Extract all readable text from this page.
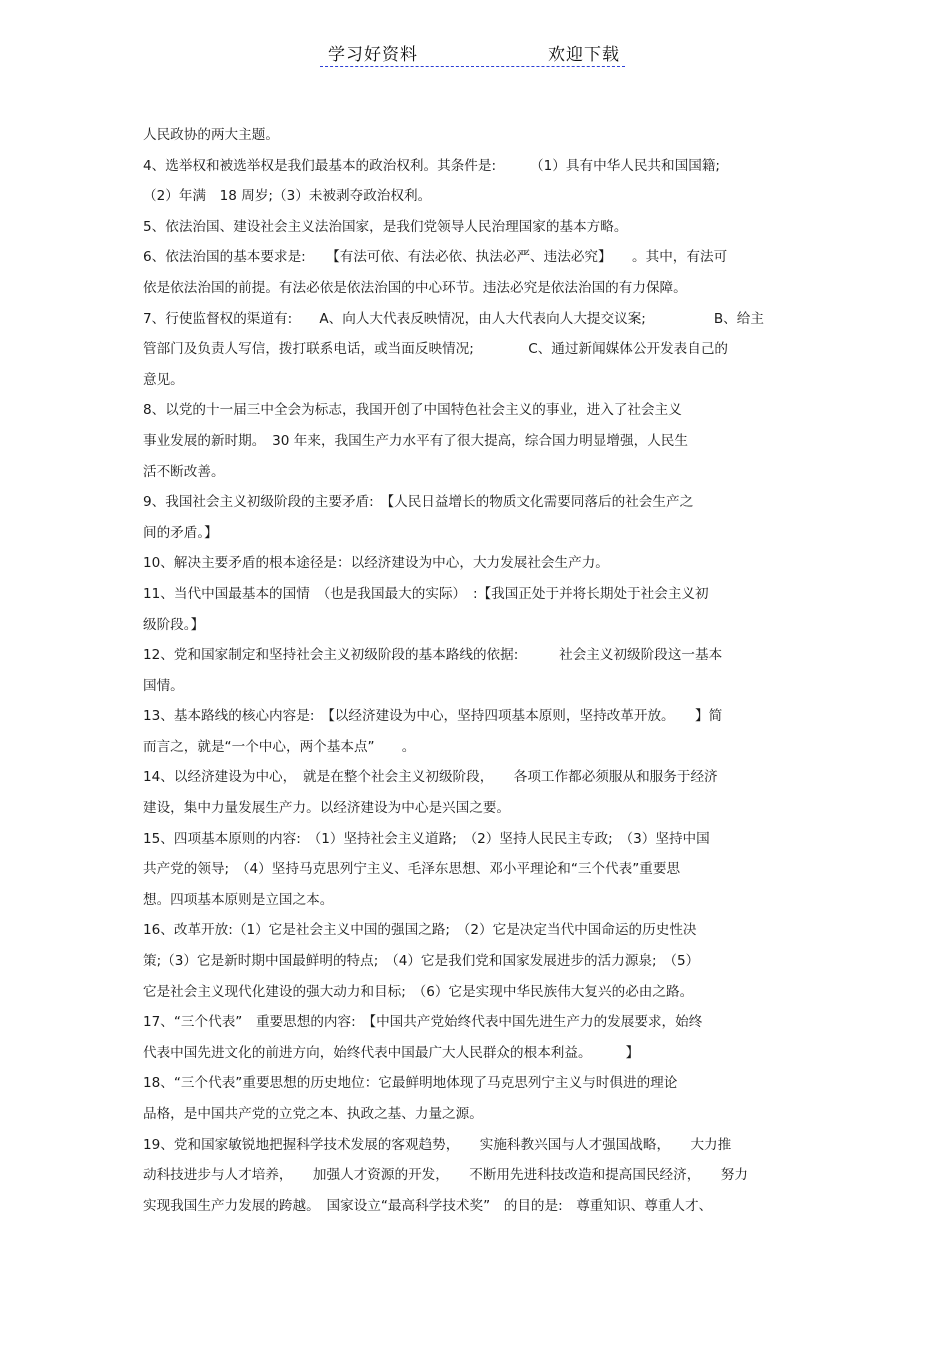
学习好资料	欢迎下载
人民政协的两大主题。
4、选举权和被选举权是我们最基本的政治权利。其条件是:　　　（1）具有中华人民共和国国籍;
（2）年满　18 周岁;（3）未被剥夺政治权利。
5、依法治国、建设社会主义法治国家，是我们党领导人民治理国家的基本方略。
6、依法治国的基本要求是:　　【有法可依、有法必依、执法必严、违法必究】　　。其中，有法可
依是依法治国的前提。有法必依是依法治国的中心环节。违法必究是依法治国的有力保障。
7、行使监督权的渠道有:　　A、向人大代表反映情况，由人大代表向人大提交议案;　　　　　B、给主
管部门及负责人写信，拨打联系电话，或当面反映情况;　　　　C、通过新闻媒体公开发表自己的
意见。
8、以党的十一届三中全会为标志，我国开创了中国特色社会主义的事业，进入了社会主义
事业发展的新时期。　30 年来，我国生产力水平有了很大提高，综合国力明显增强，人民生
活不断改善。
9、我国社会主义初级阶段的主要矛盾:　【人民日益增长的物质文化需要同落后的社会生产之
间的矛盾。】
10、解决主要矛盾的根本途径是：以经济建设为中心，大力发展社会生产力。
11、当代中国最基本的国情　（也是我国最大的实际）　:【我国正处于并将长期处于社会主义初
级阶段。】
12、党和国家制定和坚持社会主义初级阶段的基本路线的依据:　　　社会主义初级阶段这一基本
国情。
13、基本路线的核心内容是:　【以经济建设为中心，坚持四项基本原则，坚持改革开放。　　】简
而言之，就是“一个中心，两个基本点”　　。
14、以经济建设为中心，　就是在整个社会主义初级阶段，　　各项工作都必须服从和服务于经济
建设，集中力量发展生产力。以经济建设为中心是兴国之要。
15、四项基本原则的内容:　（1）坚持社会主义道路;　（2）坚持人民民主专政;　（3）坚持中国
共产党的领导;　（4）坚持马克思列宁主义、毛泽东思想、邓小平理论和“三个代表”重要思
想。四项基本原则是立国之本。
16、改革开放:（1）它是社会主义中国的强国之路;　（2）它是决定当代中国命运的历史性决
策;（3）它是新时期中国最鲜明的特点;　（4）它是我们党和国家发展进步的活力源泉;　（5）
它是社会主义现代化建设的强大动力和目标;　（6）它是实现中华民族伟大复兴的必由之路。
17、“三个代表”　重要思想的内容:　【中国共产党始终代表中国先进生产力的发展要求，始终
代表中国先进文化的前进方向，始终代表中国最广大人民群众的根本利益。　　　】
18、“三个代表”重要思想的历史地位：它最鲜明地体现了马克思列宁主义与时俱进的理论
品格，是中国共产党的立党之本、执政之基、力量之源。
19、党和国家敏锐地把握科学技术发展的客观趋势，　　实施科教兴国与人才强国战略，　　大力推
动科技进步与人才培养，　　加强人才资源的开发，　　不断用先进科技改造和提高国民经济，　　努力
实现我国生产力发展的跨越。　国家设立“最高科学技术奖”　的目的是:　尊重知识、尊重人才、
